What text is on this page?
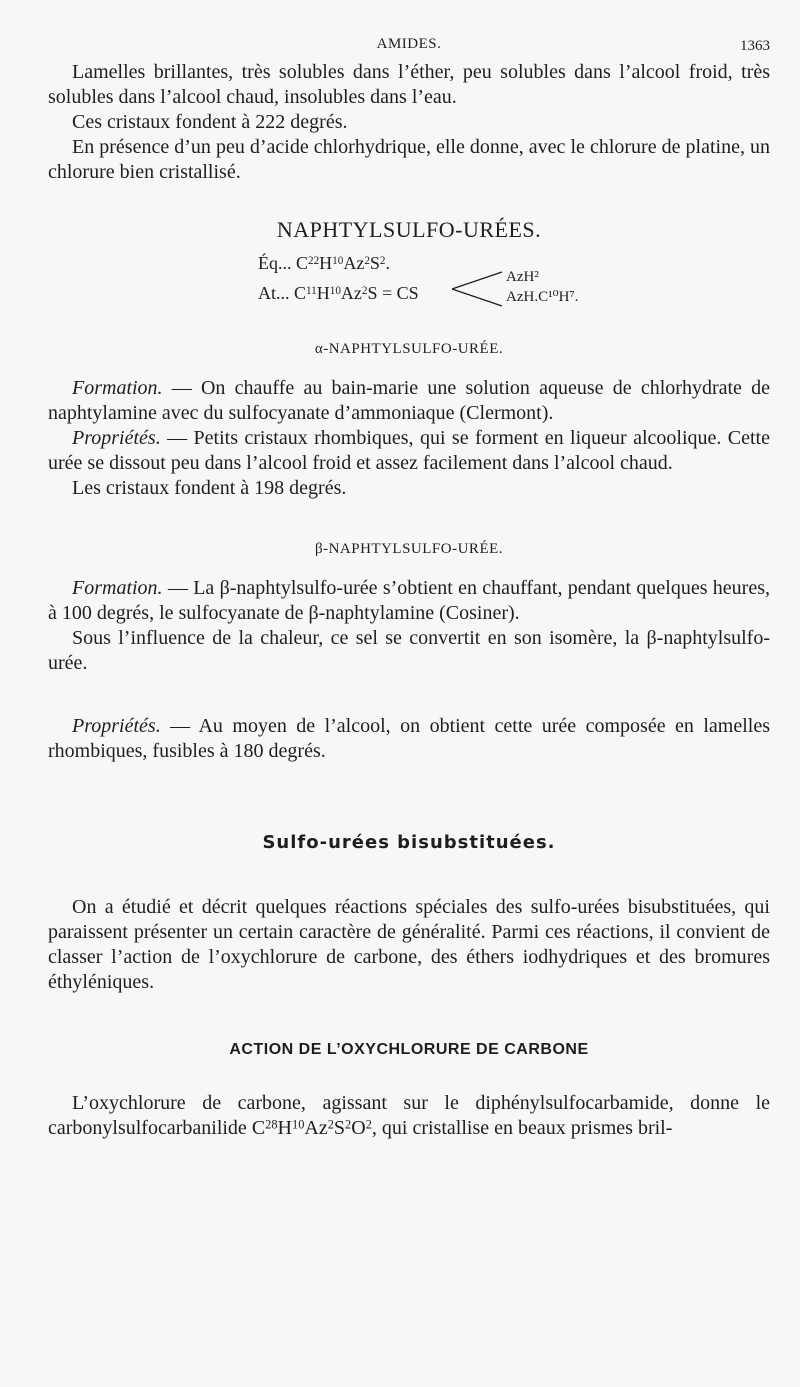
AMIDES.	1363

Lamelles brillantes, très solubles dans l’éther, peu solubles dans l’alcool froid, très solubles dans l’alcool chaud, insolubles dans l’eau.

Ces cristaux fondent à 222 degrés.

En présence d’un peu d’acide chlorhydrique, elle donne, avec le chlorure de platine, un chlorure bien cristallisé.

NAPHTYLSULFO-URÉES.
Éq... $C^{22}H^{10}Az^2S^2$.
At... $C^{11}H^{10}Az^2S$ = CS
AzH²
AzH.C¹⁰H⁷.
α-NAPHTYLSULFO-URÉE.

Formation. — On chauffe au bain-marie une solution aqueuse de chlorhydrate de naphtylamine avec du sulfocyanate d’ammoniaque (Clermont).

Propriétés. — Petits cristaux rhombiques, qui se forment en liqueur alcoolique. Cette urée se dissout peu dans l’alcool froid et assez facilement dans l’alcool chaud.

Les cristaux fondent à 198 degrés.

β-NAPHTYLSULFO-URÉE.

Formation. — La β-naphtylsulfo-urée s’obtient en chauffant, pendant quelques heures, à 100 degrés, le sulfocyanate de β-naphtylamine (Cosiner).

Sous l’influence de la chaleur, ce sel se convertit en son isomère, la β-naphtylsulfo-urée.

Propriétés. — Au moyen de l’alcool, on obtient cette urée composée en lamelles rhombiques, fusibles à 180 degrés.

Sulfo-urées bisubstituées.

On a étudié et décrit quelques réactions spéciales des sulfo-urées bisubstituées, qui paraissent présenter un certain caractère de généralité. Parmi ces réactions, il convient de classer l’action de l’oxychlorure de carbone, des éthers iodhydriques et des bromures éthyléniques.

ACTION DE L’OXYCHLORURE DE CARBONE

L’oxychlorure de carbone, agissant sur le diphénylsulfocarbamide, donne le carbonylsulfocarbanilide $C^{28}H^{10}Az^2S^2O^2$, qui cristallise en beaux prismes bril-
